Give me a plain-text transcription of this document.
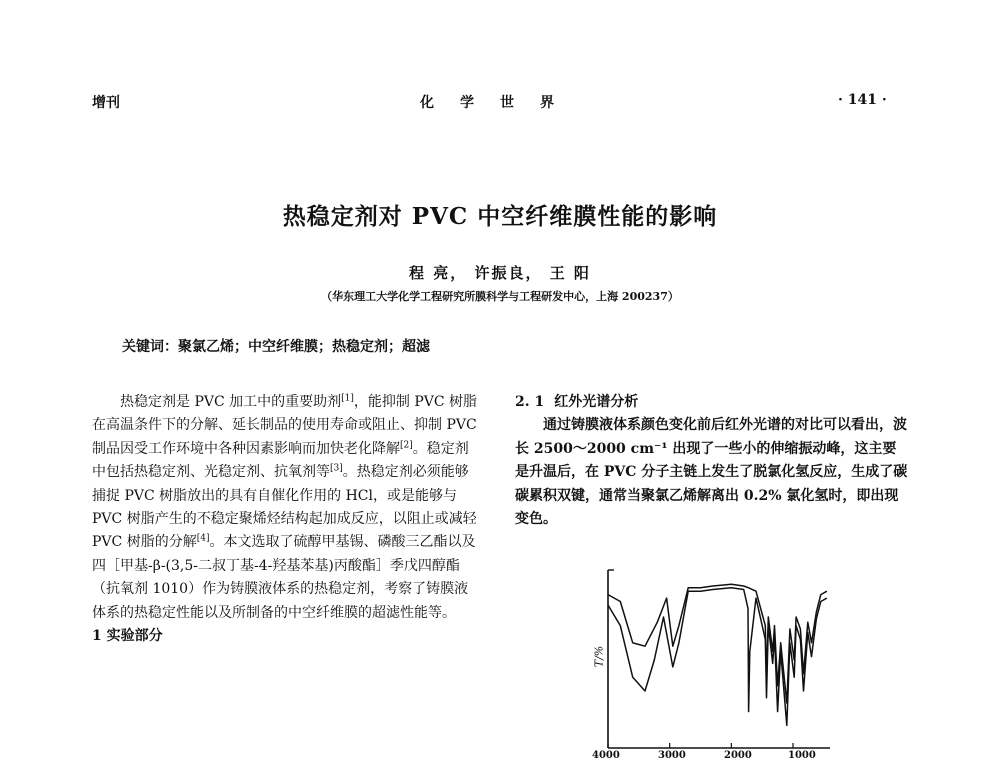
增刊	化学世界	· 141 ·
热稳定剂对 PVC 中空纤维膜性能的影响
程 亮， 许振良， 王 阳
（华东理工大学化学工程研究所膜科学与工程研发中心，上海 200237）
关键词：聚氯乙烯；中空纤维膜；热稳定剂；超滤

热稳定剂是 PVC 加工中的重要助剂[1]，能抑制 PVC 树脂在高温条件下的分解、延长制品的使用寿命或阻止、抑制 PVC 制品因受工作环境中各种因素影响而加快老化降解[2]。稳定剂中包括热稳定剂、光稳定剂、抗氧剂等[3]。热稳定剂必须能够捕捉 PVC 树脂放出的具有自催化作用的 HCl，或是能够与 PVC 树脂产生的不稳定聚烯烃结构起加成反应，以阻止或减轻 PVC 树脂的分解[4]。本文选取了硫醇甲基锡、磷酸三乙酯以及四［甲基-β-(3,5-二叔丁基-4-羟基苯基)丙酸酯］季戊四醇酯（抗氧剂 1010）作为铸膜液体系的热稳定剂，考察了铸膜液体系的热稳定性能以及所制备的中空纤维膜的超滤性能等。

1 实验部分

2. 1 红外光谱分析

通过铸膜液体系颜色变化前后红外光谱的对比可以看出，波长 2500～2000 cm⁻¹ 出现了一些小的伸缩振动峰，这主要是升温后，在 PVC 分子主链上发生了脱氯化氢反应，生成了碳碳累积双键，通常当聚氯乙烯解离出 0.2% 氯化氢时，即出现变色。

T/%
4000	3000	2000	1000
